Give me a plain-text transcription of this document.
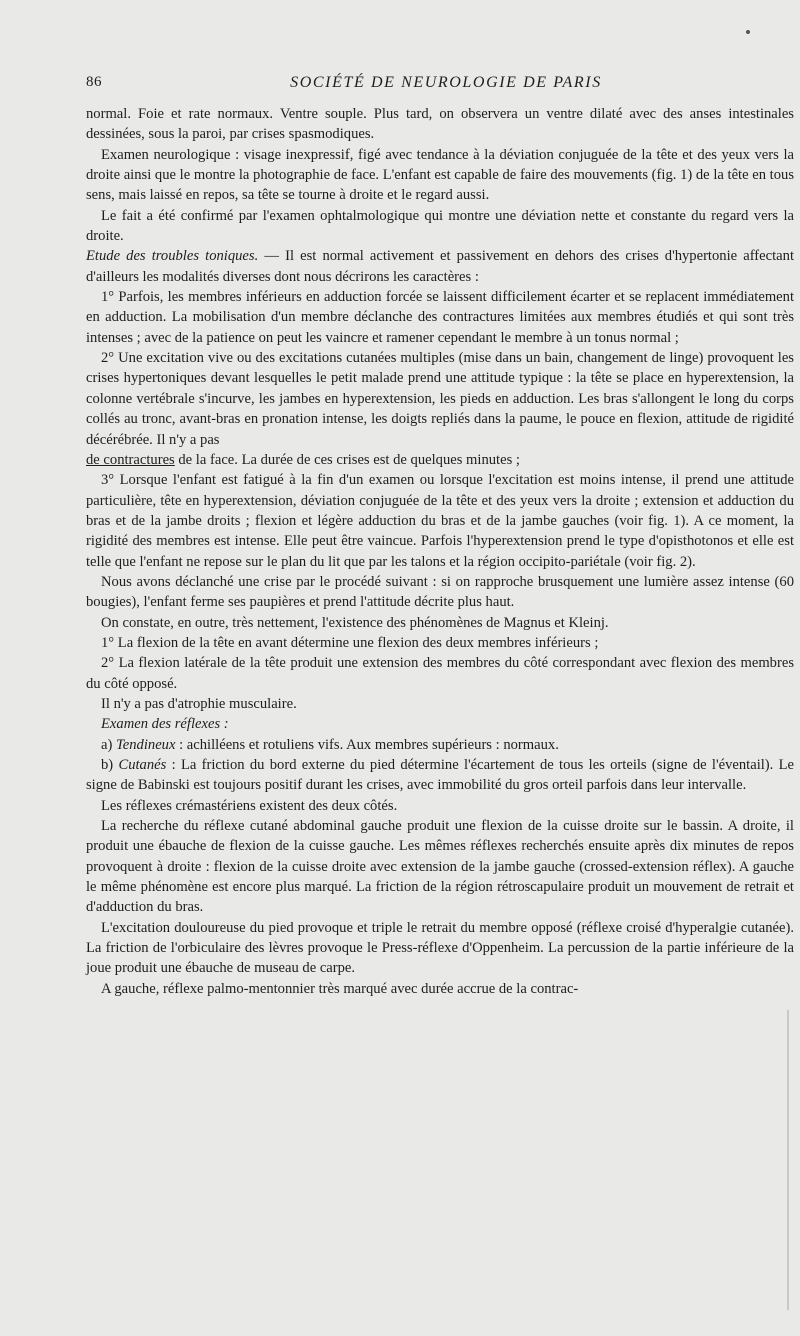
86	SOCIÉTÉ DE NEUROLOGIE DE PARIS

normal. Foie et rate normaux. Ventre souple. Plus tard, on observera un ventre dilaté avec des anses intestinales dessinées, sous la paroi, par crises spasmodiques.

Examen neurologique : visage inexpressif, figé avec tendance à la déviation conjuguée de la tête et des yeux vers la droite ainsi que le montre la photographie de face. L'enfant est capable de faire des mouvements (fig. 1) de la tête en tous sens, mais laissé en repos, sa tête se tourne à droite et le regard aussi.

Le fait a été confirmé par l'examen ophtalmologique qui montre une déviation nette et constante du regard vers la droite.

Etude des troubles toniques. — Il est normal activement et passivement en dehors des crises d'hypertonie affectant d'ailleurs les modalités diverses dont nous décrirons les caractères :

1° Parfois, les membres inférieurs en adduction forcée se laissent difficilement écarter et se replacent immédiatement en adduction. La mobilisation d'un membre déclanche des contractures limitées aux membres étudiés et qui sont très intenses ; avec de la patience on peut les vaincre et ramener cependant le membre à un tonus normal ;

2° Une excitation vive ou des excitations cutanées multiples (mise dans un bain, changement de linge) provoquent les crises hypertoniques devant lesquelles le petit malade prend une attitude typique : la tête se place en hyperextension, la colonne vertébrale s'incurve, les jambes en hyperextension, les pieds en adduction. Les bras s'allongent le long du corps collés au tronc, avant-bras en pronation intense, les doigts repliés dans la paume, le pouce en flexion, attitude de rigidité décérébrée. Il n'y a pas

de contractures de la face. La durée de ces crises est de quelques minutes ;

3° Lorsque l'enfant est fatigué à la fin d'un examen ou lorsque l'excitation est moins intense, il prend une attitude particulière, tête en hyperextension, déviation conjuguée de la tête et des yeux vers la droite ; extension et adduction du bras et de la jambe droits ; flexion et légère adduction du bras et de la jambe gauches (voir fig. 1). A ce moment, la rigidité des membres est intense. Elle peut être vaincue. Parfois l'hyperextension prend le type d'opisthotonos et elle est telle que l'enfant ne repose sur le plan du lit que par les talons et la région occipito-pariétale (voir fig. 2).

Nous avons déclanché une crise par le procédé suivant : si on rapproche brusquement une lumière assez intense (60 bougies), l'enfant ferme ses paupières et prend l'attitude décrite plus haut.

On constate, en outre, très nettement, l'existence des phénomènes de Magnus et Kleinj.

1° La flexion de la tête en avant détermine une flexion des deux membres inférieurs ;

2° La flexion latérale de la tête produit une extension des membres du côté correspondant avec flexion des membres du côté opposé.

Il n'y a pas d'atrophie musculaire.

Examen des réflexes :

a) Tendineux : achilléens et rotuliens vifs. Aux membres supérieurs : normaux.

b) Cutanés : La friction du bord externe du pied détermine l'écartement de tous les orteils (signe de l'éventail). Le signe de Babinski est toujours positif durant les crises, avec immobilité du gros orteil parfois dans leur intervalle.

Les réflexes crémastériens existent des deux côtés.

La recherche du réflexe cutané abdominal gauche produit une flexion de la cuisse droite sur le bassin. A droite, il produit une ébauche de flexion de la cuisse gauche. Les mêmes réflexes recherchés ensuite après dix minutes de repos provoquent à droite : flexion de la cuisse droite avec extension de la jambe gauche (crossed-extension réflex). A gauche le même phénomène est encore plus marqué. La friction de la région rétroscapulaire produit un mouvement de retrait et d'adduction du bras.

L'excitation douloureuse du pied provoque et triple le retrait du membre opposé (réflexe croisé d'hyperalgie cutanée). La friction de l'orbiculaire des lèvres provoque le Press-réflexe d'Oppenheim. La percussion de la partie inférieure de la joue produit une ébauche de museau de carpe.

A gauche, réflexe palmo-mentonnier très marqué avec durée accrue de la contrac-
